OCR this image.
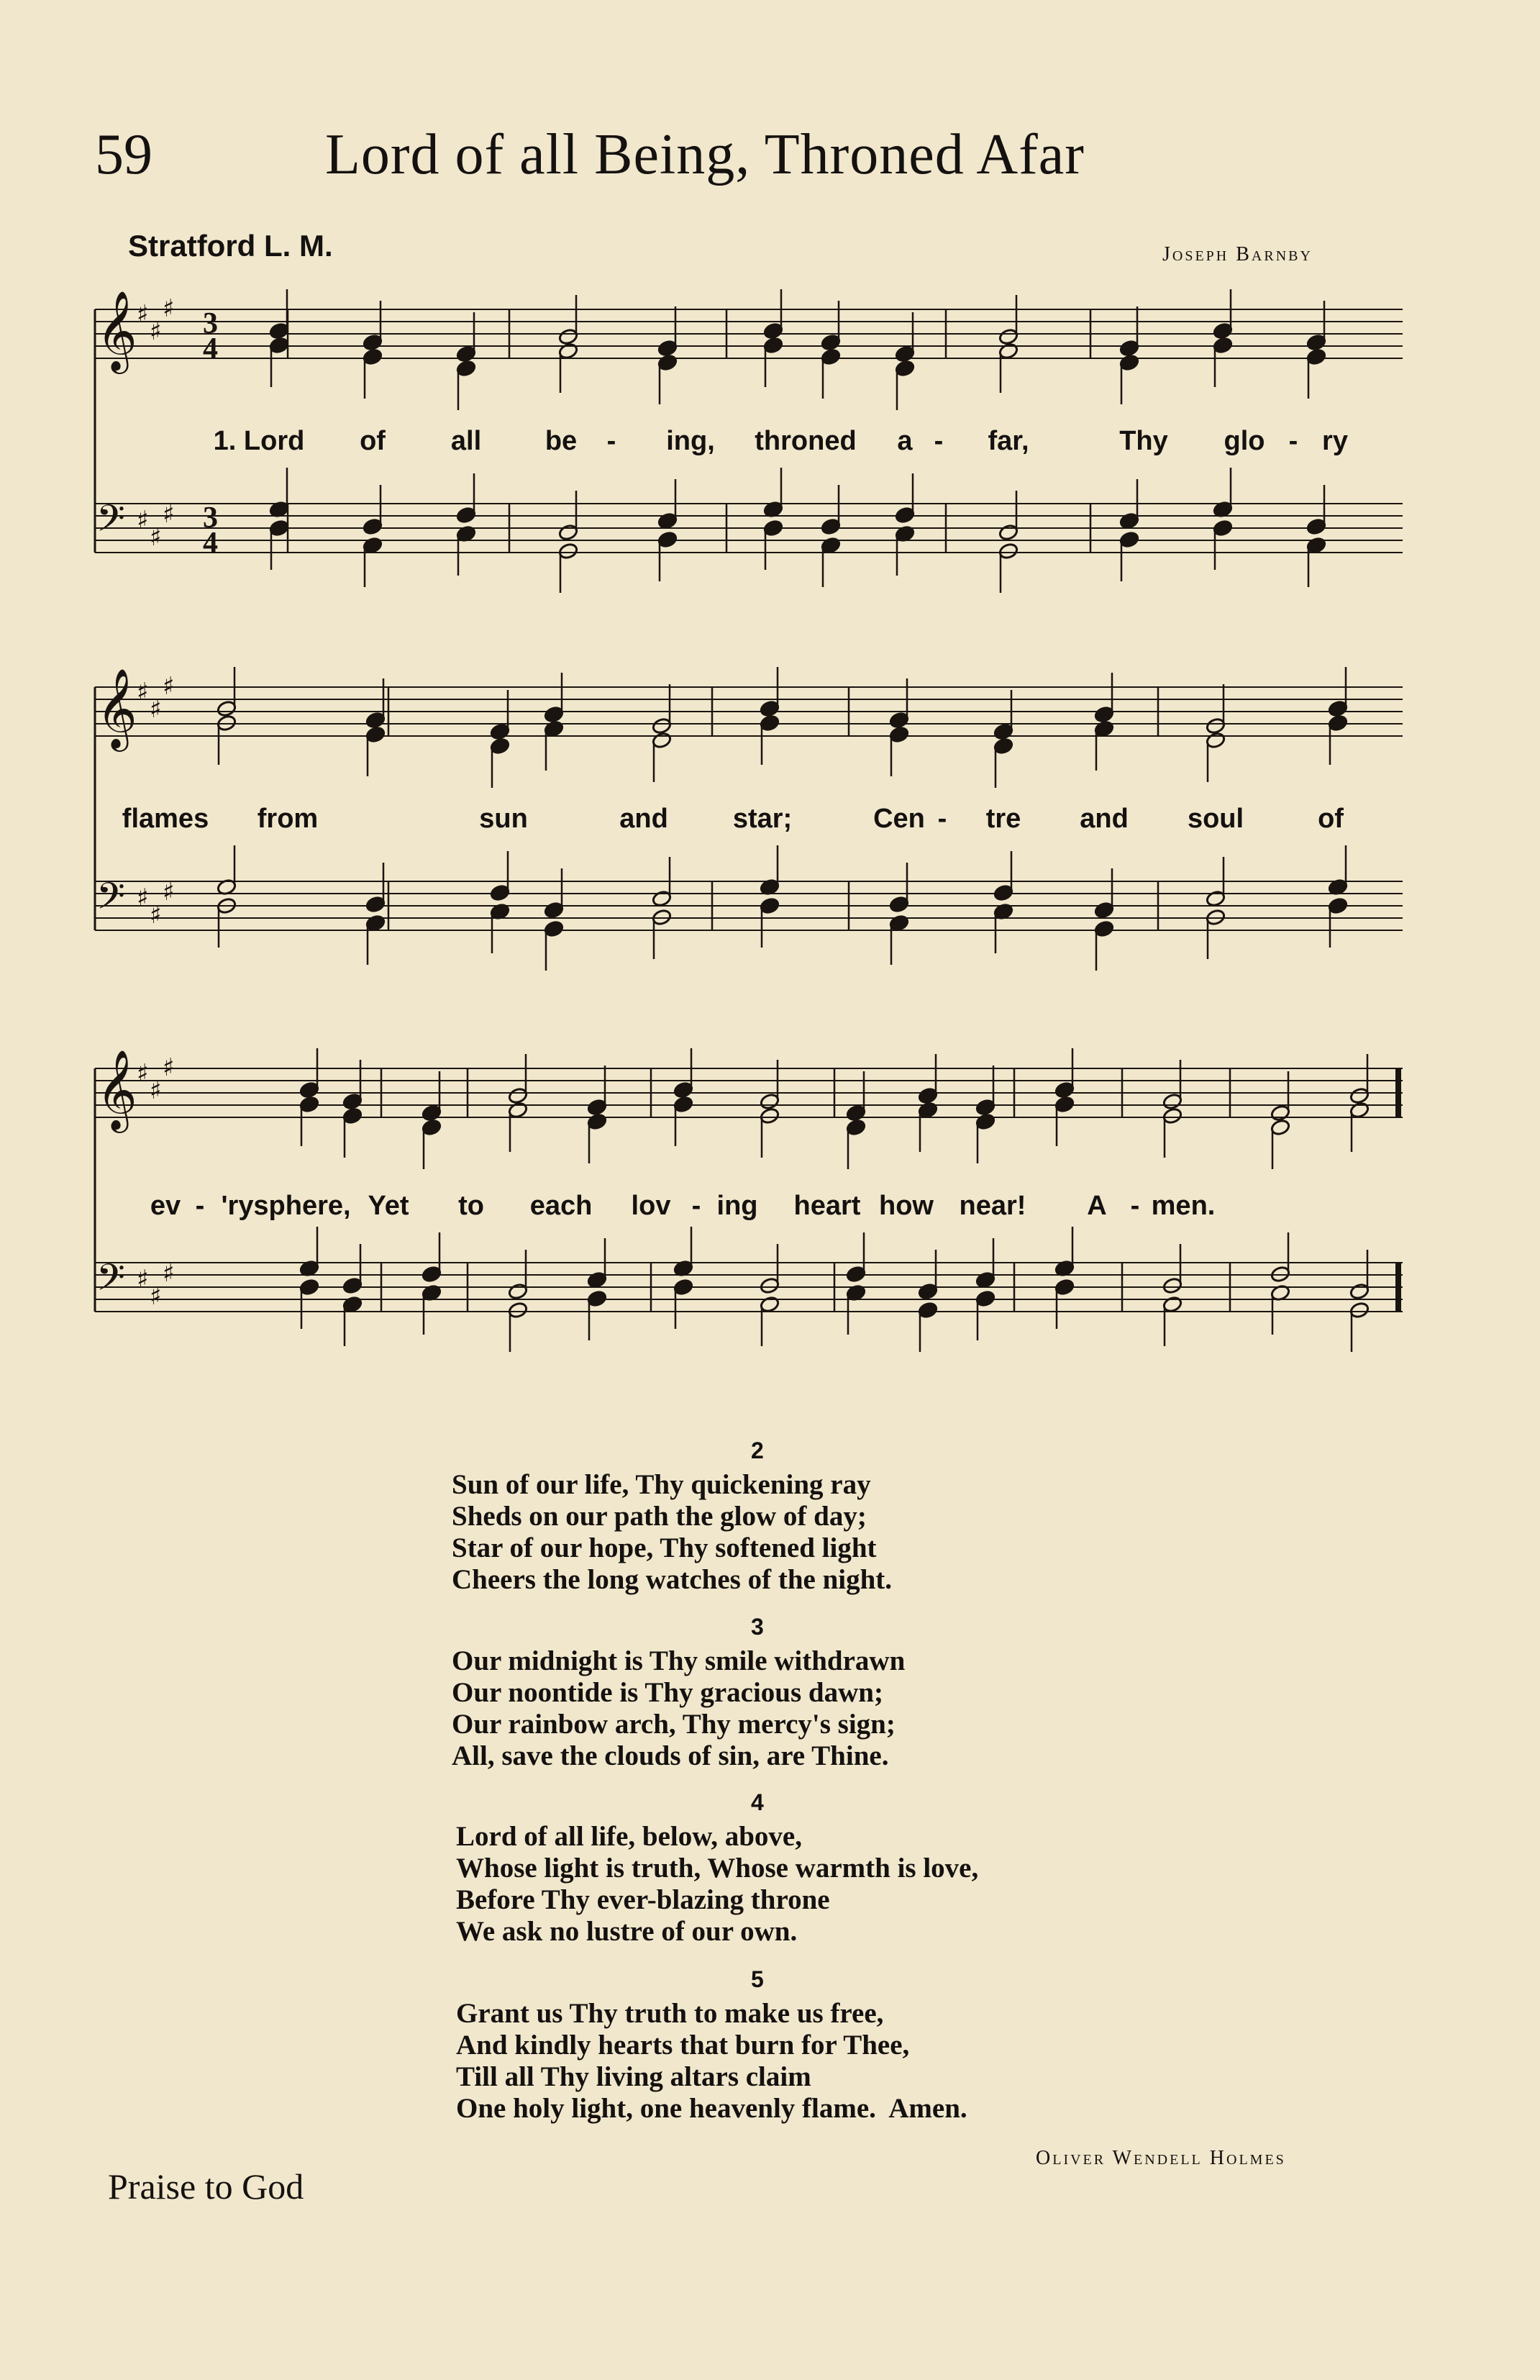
59	Lord of all Being, Throned Afar
Stratford L. M.	Joseph Barnby
𝄞
𝄢
♯
♯
♯
♯
♯
♯
3
4
3
4
1. Lord of all be - ing, throned a - far,	Thy glo - ry
𝄞
𝄢
♯
♯
♯
♯
♯
♯
flames from	sun	and star;	Cen - tre and soul	of
𝄞
𝄢
♯
♯
♯
♯
♯
♯
ev - 'ry sphere, Yet to each lov - ing heart how near! A - men.
2
Sun of our life, Thy quickening ray
Sheds on our path the glow of day;
Star of our hope, Thy softened light
Cheers the long watches of the night.
3
Our midnight is Thy smile withdrawn
Our noontide is Thy gracious dawn;
Our rainbow arch, Thy mercy's sign;
All, save the clouds of sin, are Thine.
4
Lord of all life, below, above,
Whose light is truth, Whose warmth is love,
Before Thy ever-blazing throne
We ask no lustre of our own.
5
Grant us Thy truth to make us free,
And kindly hearts that burn for Thee,
Till all Thy living altars claim
One holy light, one heavenly flame.  Amen.
Oliver Wendell Holmes
Praise to God
